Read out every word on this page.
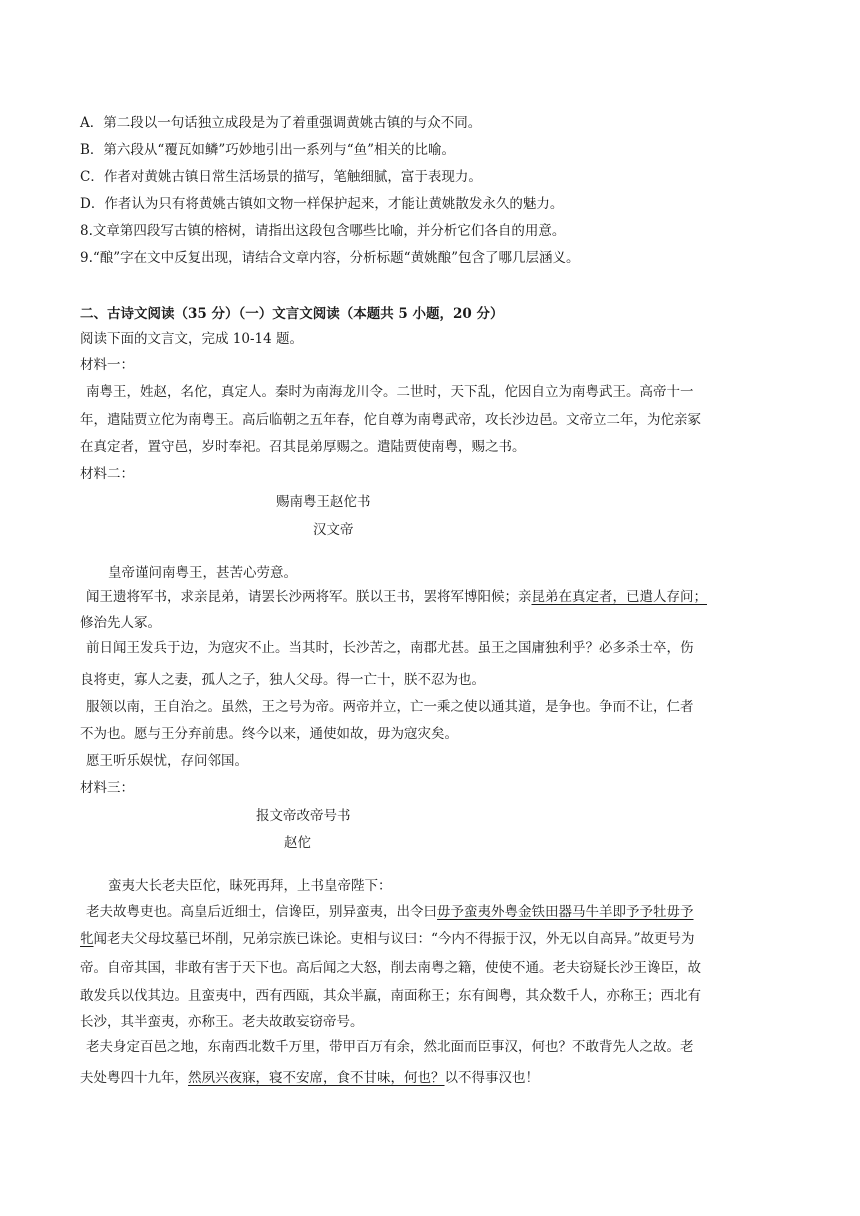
A．第二段以一句话独立成段是为了着重强调黄姚古镇的与众不同。
B．第六段从“覆瓦如鳞”巧妙地引出一系列与“鱼”相关的比喻。
C．作者对黄姚古镇日常生活场景的描写，笔触细腻，富于表现力。
D．作者认为只有将黄姚古镇如文物一样保护起来，才能让黄姚散发永久的魅力。
8.文章第四段写古镇的榕树，请指出这段包含哪些比喻，并分析它们各自的用意。
9.“酿”字在文中反复出现，请结合文章内容，分析标题“黄姚酿”包含了哪几层涵义。
二、古诗文阅读（35 分）（一）文言文阅读（本题共 5 小题，20 分）
阅读下面的文言文，完成 10-14 题。
材料一：
南粤王，姓赵，名佗，真定人。秦时为南海龙川令。二世时，天下乱，佗因自立为南粤武王。高帝十一
年，遣陆贾立佗为南粤王。高后临朝之五年春，佗自尊为南粤武帝，攻长沙边邑。文帝立二年，为佗亲冢
在真定者，置守邑，岁时奉祀。召其昆弟厚赐之。遣陆贾使南粤，赐之书。
材料二：
赐南粤王赵佗书
汉文帝
皇帝谨问南粤王，甚苦心劳意。
闻王遗将军书，求亲昆弟，请罢长沙两将军。朕以王书，罢将军博阳候；亲昆弟在真定者，已遣人存问；
修治先人冢。
前日闻王发兵于边，为寇灾不止。当其时，长沙苦之，南郡尤甚。虽王之国庸独利乎？必多杀士卒，伤
良将吏，寡人之妻，孤人之子，独人父母。得一亡十，朕不忍为也。
服领以南，王自治之。虽然，王之号为帝。两帝并立，亡一乘之使以通其道，是争也。争而不让，仁者
不为也。愿与王分弃前患。终今以来，通使如故，毋为寇灾矣。
愿王听乐娱忧，存问邻国。
材料三：
报文帝改帝号书
赵佗
蛮夷大长老夫臣佗，昧死再拜，上书皇帝陛下：
老夫故粤吏也。高皇后近细士，信谗臣，别异蛮夷，出令曰毋予蛮夷外粤金铁田器马牛羊即予予牡毋予
牝闻老夫父母坟墓已坏削，兄弟宗族已诛论。吏相与议曰：“今内不得振于汉，外无以自高异。”故更号为
帝。自帝其国，非敢有害于天下也。高后闻之大怒，削去南粤之籍，使使不通。老夫窃疑长沙王谗臣，故
敢发兵以伐其边。且蛮夷中，西有西瓯，其众半羸，南面称王；东有闽粤，其众数千人，亦称王；西北有
长沙，其半蛮夷，亦称王。老夫故敢妄窃帝号。
老夫身定百邑之地，东南西北数千万里，带甲百万有余，然北面而臣事汉，何也？不敢背先人之故。老
夫处粤四十九年，然夙兴夜寐，寝不安席，食不甘味，何也？以不得事汉也！
